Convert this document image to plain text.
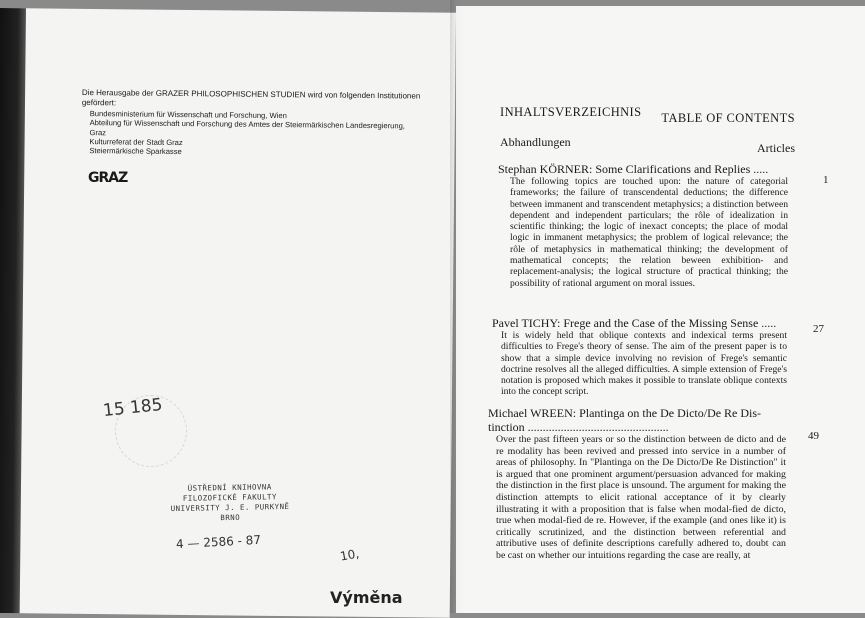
Die Herausgabe der GRAZER PHILOSOPHISCHEN STUDIEN wird von folgenden Institutionen gefördert:

Bundesministerium für Wissenschaft und Forschung, Wien
Abteilung für Wissenschaft und Forschung des Amtes der Steiermärkischen Landesregierung, Graz
Kulturreferat der Stadt Graz
Steiermärkische Sparkasse
GRAZ
15 185
ÚSTŘEDNÍ KNIHOVNA
FILOZOFICKÉ FAKULTY
UNIVERSITY J. E. PURKYNĚ
BRNO
4 — 2586 - 87
10,
Výměna
INHALTSVERZEICHNIS TABLE OF CONTENTS
Abhandlungen	Articles

Stephan KÖRNER: Some Clarifications and Replies .....

The following topics are touched upon: the nature of categorial frameworks; the failure of transcendental deductions; the difference between immanent and transcendent metaphysics; a distinction between dependent and independent particulars; the rôle of idealization in scientific thinking; the logic of inexact concepts; the place of modal logic in immanent metaphysics; the problem of logical relevance; the rôle of metaphysics in mathematical thinking; the development of mathematical concepts; the relation beween exhibition- and replacement-analysis; the logical structure of practical thinking; the possibility of rational argument on moral issues.

1

Pavel TICHY: Frege and the Case of the Missing Sense .....

It is widely held that oblique contexts and indexical terms present difficulties to Frege's theory of sense. The aim of the present paper is to show that a simple device involving no revision of Frege's semantic doctrine resolves all the alleged difficulties. A simple extension of Frege's notation is proposed which makes it possible to translate oblique contexts into the concept script.

27

Michael WREEN: Plantinga on the De Dicto/De Re Dis-
tinction ...............................................

Over the past fifteen years or so the distinction between de dicto and de re modality has been revived and pressed into service in a number of areas of philosophy. In "Plantinga on the De Dicto/De Re Distinction" it is argued that one prominent argument/persuasion advanced for making the distinction in the first place is unsound. The argument for making the distinction attempts to elicit rational acceptance of it by clearly illustrating it with a proposition that is false when modal-fied de dicto, true when modal-fied de re. However, if the example (and ones like it) is critically scrutinized, and the distinction between referential and attributive uses of definite descriptions carefully adhered to, doubt can be cast on whether our intuitions regarding the case are really, at

49
